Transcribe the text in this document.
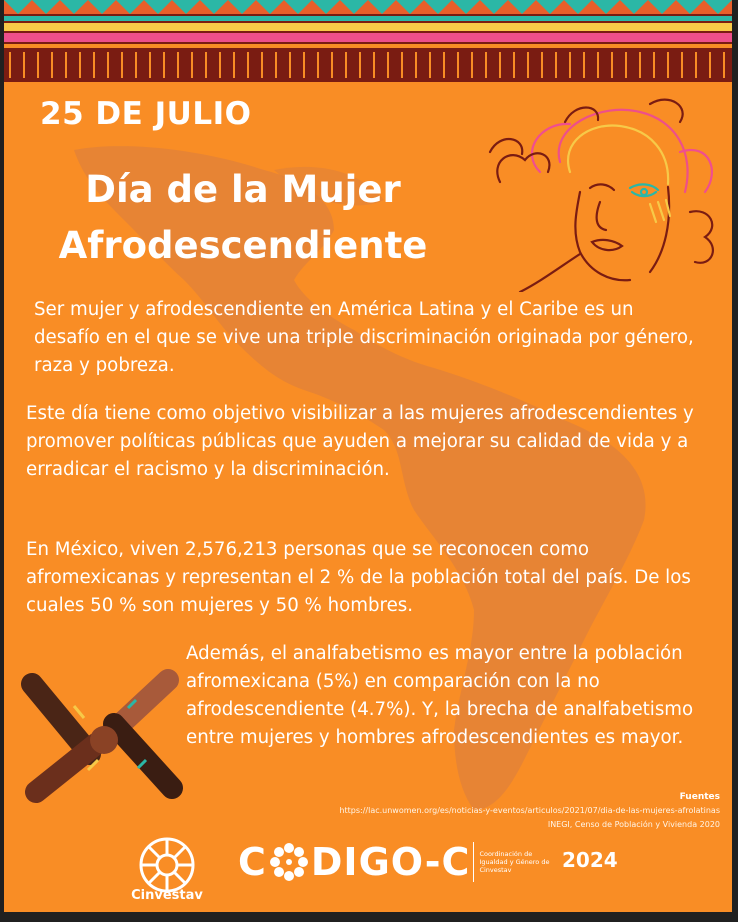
25 DE JULIO
Día de la Mujer
Afrodescendiente

Ser mujer y afrodescendiente en América Latina y el Caribe es un desafío en el que se vive una triple discriminación originada por género, raza y pobreza.

Este día tiene como objetivo visibilizar a las mujeres afrodescendientes y promover políticas públicas que ayuden a mejorar su calidad de vida y a erradicar el racismo y la discriminación.

En México, viven 2,576,213 personas que se reconocen como afromexicanas y representan el 2 % de la población total del país. De los cuales 50 % son mujeres y 50 % hombres.

Además, el analfabetismo es mayor entre la población afromexicana (5%) en comparación con la no afrodescendiente (4.7%). Y, la brecha de analfabetismo entre mujeres y hombres afrodescendientes es mayor.

Fuentes
https://lac.unwomen.org/es/noticias-y-eventos/articulos/2021/07/dia-de-las-mujeres-afrolatinas
INEGI, Censo de Población y Vivienda 2020
Cinvestav
C DIGO-C Coordinación de Igualdad y Género de Cinvestav	2024
